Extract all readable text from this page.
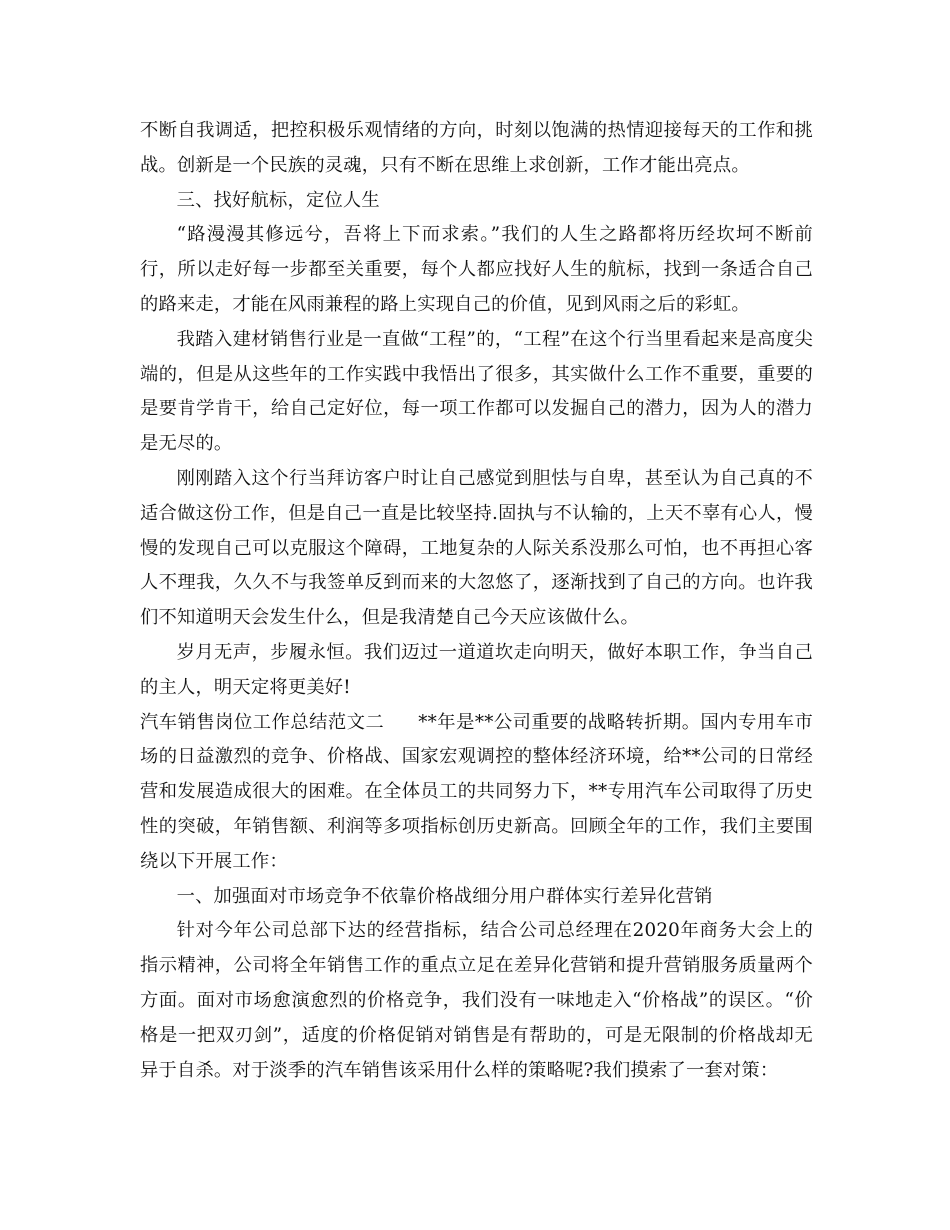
不断自我调适，把控积极乐观情绪的方向，时刻以饱满的热情迎接每天的工作和挑战。创新是一个民族的灵魂，只有不断在思维上求创新，工作才能出亮点。

三、找好航标，定位人生

“路漫漫其修远兮，吾将上下而求索。”我们的人生之路都将历经坎坷不断前行，所以走好每一步都至关重要，每个人都应找好人生的航标，找到一条适合自己的路来走，才能在风雨兼程的路上实现自己的价值，见到风雨之后的彩虹。

我踏入建材销售行业是一直做“工程”的，“工程”在这个行当里看起来是高度尖端的，但是从这些年的工作实践中我悟出了很多，其实做什么工作不重要，重要的是要肯学肯干，给自己定好位，每一项工作都可以发掘自己的潜力，因为人的潜力是无尽的。

刚刚踏入这个行当拜访客户时让自己感觉到胆怯与自卑，甚至认为自己真的不适合做这份工作，但是自己一直是比较坚持.固执与不认输的，上天不辜有心人，慢慢的发现自己可以克服这个障碍，工地复杂的人际关系没那么可怕，也不再担心客人不理我，久久不与我签单反到而来的大忽悠了，逐渐找到了自己的方向。也许我们不知道明天会发生什么，但是我清楚自己今天应该做什么。

岁月无声，步履永恒。我们迈过一道道坎走向明天，做好本职工作，争当自己的主人，明天定将更美好!

汽车销售岗位工作总结范文二 **年是**公司重要的战略转折期。国内专用车市场的日益激烈的竞争、价格战、国家宏观调控的整体经济环境，给**公司的日常经营和发展造成很大的困难。在全体员工的共同努力下，**专用汽车公司取得了历史性的突破，年销售额、利润等多项指标创历史新高。回顾全年的工作，我们主要围绕以下开展工作：

一、加强面对市场竞争不依靠价格战细分用户群体实行差异化营销

针对今年公司总部下达的经营指标，结合公司总经理在2020年商务大会上的指示精神，公司将全年销售工作的重点立足在差异化营销和提升营销服务质量两个方面。面对市场愈演愈烈的价格竞争，我们没有一味地走入“价格战”的误区。“价格是一把双刃剑”，适度的价格促销对销售是有帮助的，可是无限制的价格战却无异于自杀。对于淡季的汽车销售该采用什么样的策略呢?我们摸索了一套对策：
